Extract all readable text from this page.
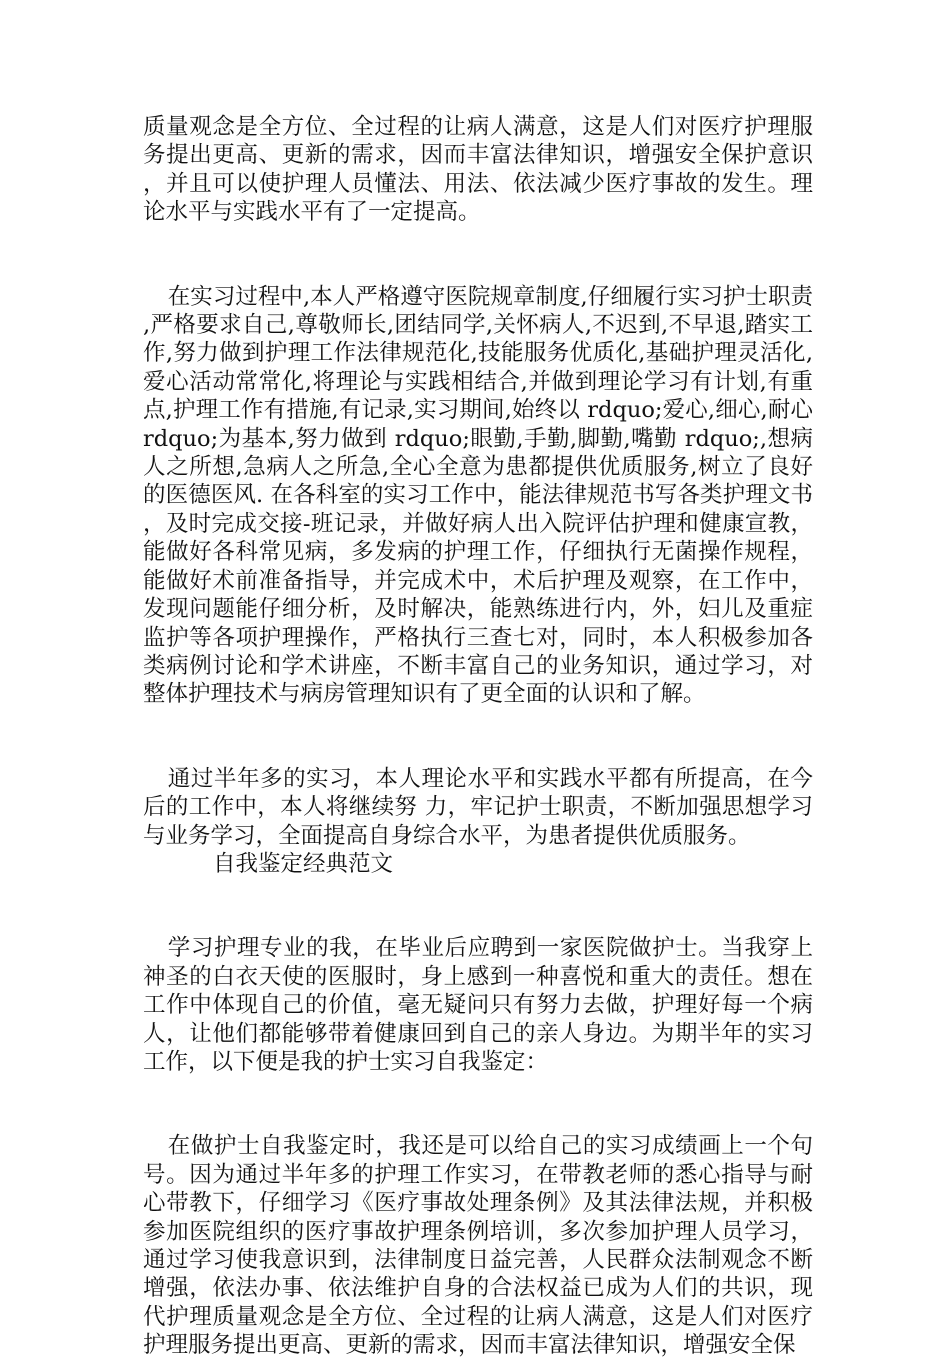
质量观念是全方位、全过程的让病人满意，这是人们对医疗护理服务提出更高、更新的需求，因而丰富法律知识，增强安全保护意识，并且可以使护理人员懂法、用法、依法减少医疗事故的发生。理论水平与实践水平有了一定提高。

在实习过程中,本人严格遵守医院规章制度,仔细履行实习护士职责,严格要求自己,尊敬师长,团结同学,关怀病人,不迟到,不早退,踏实工作,努力做到护理工作法律规范化,技能服务优质化,基础护理灵活化,爱心活动常常化,将理论与实践相结合,并做到理论学习有计划,有重点,护理工作有措施,有记录,实习期间,始终以 rdquo;爱心,细心,耐心 rdquo;为基本,努力做到 rdquo;眼勤,手勤,脚勤,嘴勤 rdquo;,想病人之所想,急病人之所急,全心全意为患都提供优质服务,树立了良好的医德医风. 在各科室的实习工作中，能法律规范书写各类护理文书，及时完成交接-班记录，并做好病人出入院评估护理和健康宣教，能做好各科常见病，多发病的护理工作，仔细执行无菌操作规程，能做好术前准备指导，并完成术中，术后护理及观察，在工作中，发现问题能仔细分析，及时解决，能熟练进行内，外，妇儿及重症监护等各项护理操作，严格执行三查七对，同时，本人积极参加各类病例讨论和学术讲座，不断丰富自己的业务知识，通过学习，对整体护理技术与病房管理知识有了更全面的认识和了解。

通过半年多的实习，本人理论水平和实践水平都有所提高，在今后的工作中，本人将继续努 力，牢记护士职责，不断加强思想学习与业务学习，全面提高自身综合水平，为患者提供优质服务。

自我鉴定经典范文

学习护理专业的我，在毕业后应聘到一家医院做护士。当我穿上神圣的白衣天使的医服时，身上感到一种喜悦和重大的责任。想在工作中体现自己的价值，毫无疑问只有努力去做，护理好每一个病人，让他们都能够带着健康回到自己的亲人身边。为期半年的实习工作，以下便是我的护士实习自我鉴定：

在做护士自我鉴定时，我还是可以给自己的实习成绩画上一个句号。因为通过半年多的护理工作实习，在带教老师的悉心指导与耐心带教下，仔细学习《医疗事故处理条例》及其法律法规，并积极参加医院组织的医疗事故护理条例培训，多次参加护理人员学习，通过学习使我意识到，法律制度日益完善，人民群众法制观念不断增强，依法办事、依法维护自身的合法权益已成为人们的共识，现代护理质量观念是全方位、全过程的让病人满意，这是人们对医疗护理服务提出更高、更新的需求，因而丰富法律知识，增强安全保
